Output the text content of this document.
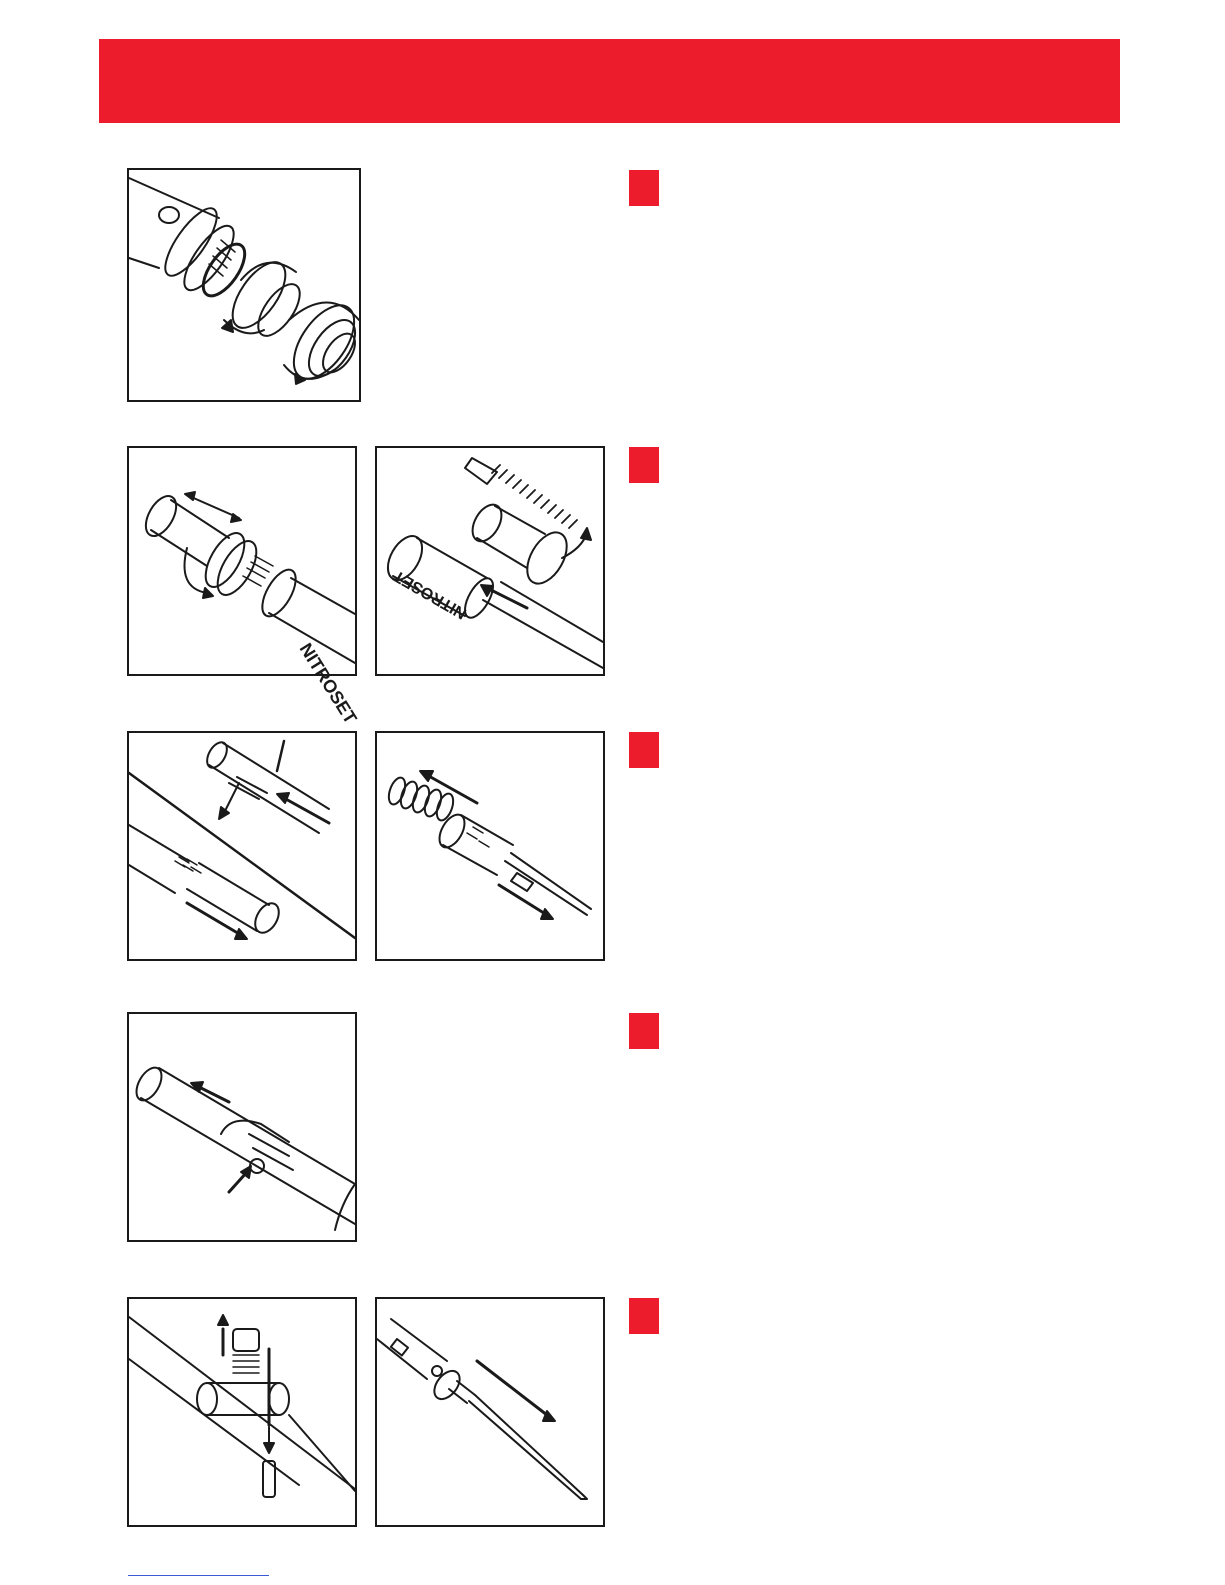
NITROSET
NITROSET
